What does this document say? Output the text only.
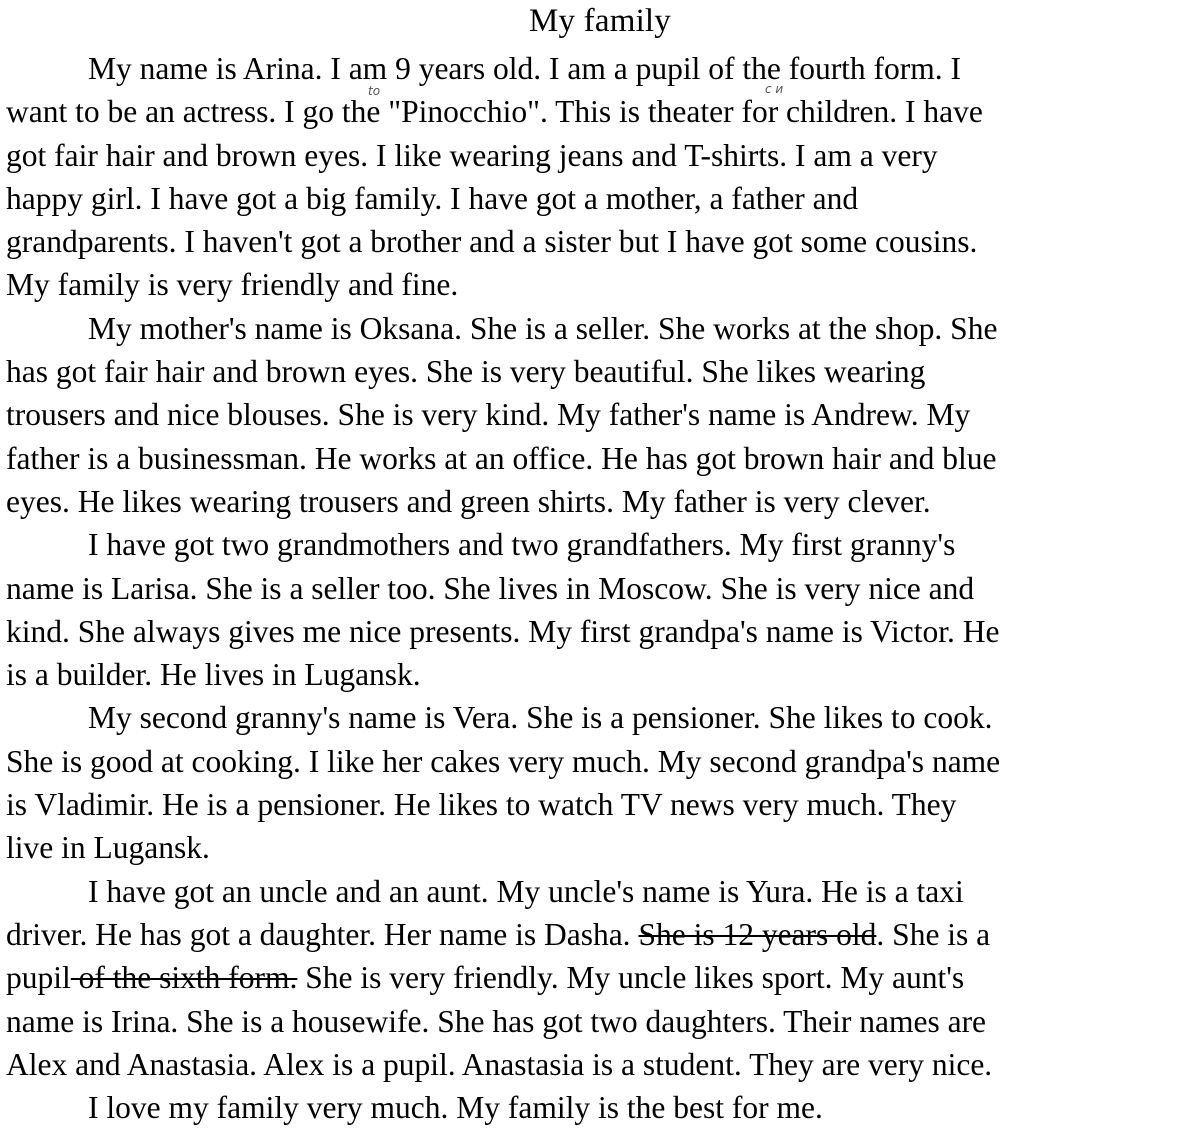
My family
to	c и
My name is Arina. I am 9 years old. I am a pupil of the fourth form. I
want to be an actress. I go the "Pinocchio". This is theater for children. I have
got fair hair and brown eyes. I like wearing jeans and T-shirts. I am a very
happy girl. I have got a big family. I have got a mother, a father and
grandparents. I haven't got a brother and a sister but I have got some cousins.
My family is very friendly and fine.
My mother's name is Oksana. She is a seller. She works at the shop. She
has got fair hair and brown eyes. She is very beautiful. She likes wearing
trousers and nice blouses. She is very kind. My father's name is Andrew. My
father is a businessman. He works at an office. He has got brown hair and blue
eyes. He likes wearing trousers and green shirts. My father is very clever.
I have got two grandmothers and two grandfathers. My first granny's
name is Larisa. She is a seller too. She lives in Moscow. She is very nice and
kind. She always gives me nice presents. My first grandpa's name is Victor. He
is a builder. He lives in Lugansk.
My second granny's name is Vera. She is a pensioner. She likes to cook.
She is good at cooking. I like her cakes very much. My second grandpa's name
is Vladimir. He is a pensioner. He likes to watch TV news very much. They
live in Lugansk.
I have got an uncle and an aunt. My uncle's name is Yura. He is a taxi
driver. He has got a daughter. Her name is Dasha. She is 12 years old. She is a
pupil of the sixth form. She is very friendly. My uncle likes sport. My aunt's
name is Irina. She is a housewife. She has got two daughters. Their names are
Alex and Anastasia. Alex is a pupil. Anastasia is a student. They are very nice.
I love my family very much. My family is the best for me.
